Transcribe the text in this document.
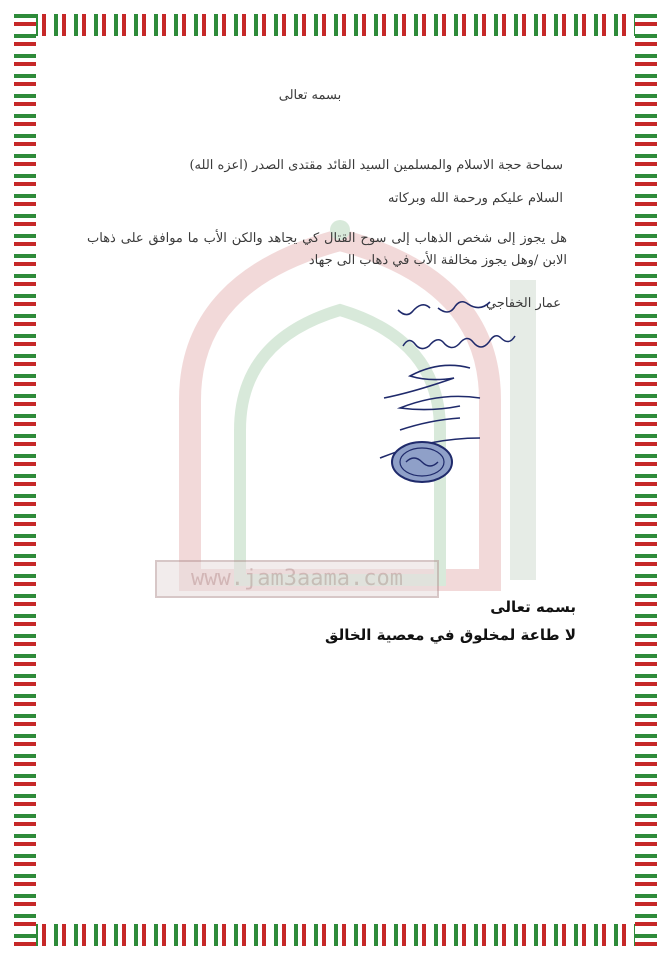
www.jam3aama.com
بسمه تعالى
سماحة حجة الاسلام والمسلمين السيد القائد مقتدى الصدر (اعزه الله)
السلام عليكم ورحمة الله وبركاته
هل يجوز إلى شخص الذهاب إلى سوح القتال كي يجاهد والكن الأب ما موافق على ذهاب الابن /وهل يجوز مخالفة الأب في ذهاب الى جهاد
عمار الخفاجي
بسمه تعالى
لا طاعة لمخلوق في معصية الخالق
